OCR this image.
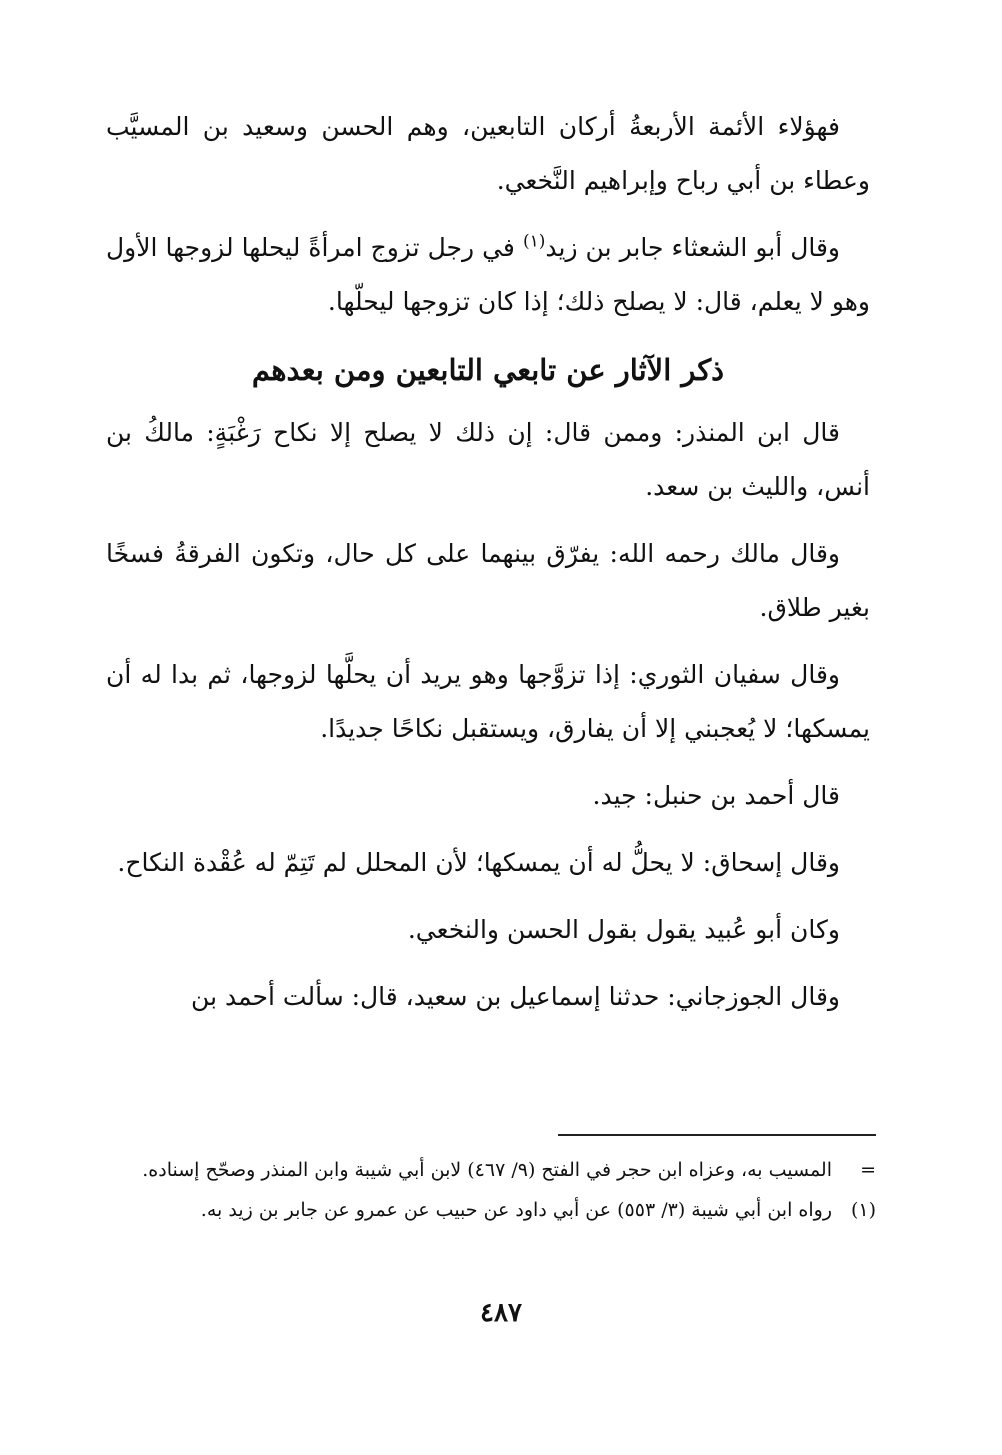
فهؤلاء الأئمة الأربعةُ أركان التابعين، وهم الحسن وسعيد بن المسيَّب وعطاء بن أبي رباح وإبراهيم النَّخعي.

وقال أبو الشعثاء جابر بن زيد$^{(١)}$ في رجل تزوج امرأةً ليحلها لزوجها الأول وهو لا يعلم، قال: لا يصلح ذلك؛ إذا كان تزوجها ليحلّها.

ذكر الآثار عن تابعي التابعين ومن بعدهم

قال ابن المنذر: وممن قال: إن ذلك لا يصلح إلا نكاح رَغْبَةٍ: مالكُ بن أنس، والليث بن سعد.

وقال مالك رحمه الله: يفرّق بينهما على كل حال، وتكون الفرقةُ فسخًا بغير طلاق.

وقال سفيان الثوري: إذا تزوَّجها وهو يريد أن يحلَّها لزوجها، ثم بدا له أن يمسكها؛ لا يُعجبني إلا أن يفارق، ويستقبل نكاحًا جديدًا.

قال أحمد بن حنبل: جيد.

وقال إسحاق: لا يحلُّ له أن يمسكها؛ لأن المحلل لم تَتِمّ له عُقْدة النكاح.

وكان أبو عُبيد يقول بقول الحسن والنخعي.

وقال الجوزجاني: حدثنا إسماعيل بن سعيد، قال: سألت أحمد بن

=
المسيب به، وعزاه ابن حجر في الفتح (٩/ ٤٦٧) لابن أبي شيبة وابن المنذر وصحّح إسناده.
(١)
رواه ابن أبي شيبة (٣/ ٥٥٣) عن أبي داود عن حبيب عن عمرو عن جابر بن زيد به.
٤٨٧
